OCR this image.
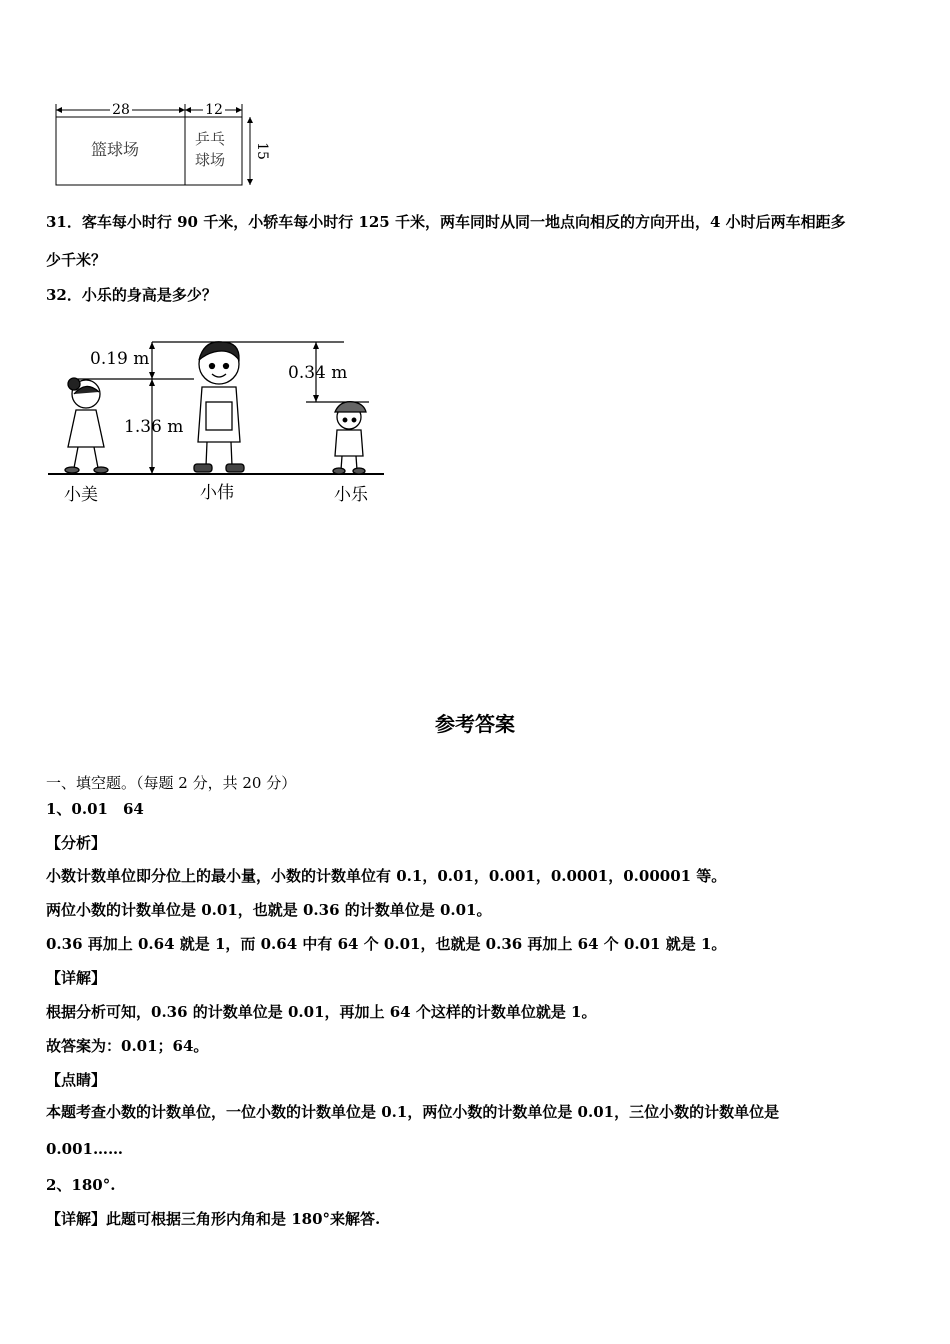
28	12
篮球场
乒乓
球场 15
31．客车每小时行 90 千米，小轿车每小时行 125 千米，两车同时从同一地点向相反的方向开出，4 小时后两车相距多
少千米？
32．小乐的身高是多少？
0.19 m
1.36 m
0.34 m
小美	小伟	小乐
参考答案
一、填空题。（每题 2 分，共 20 分）
1、0.01　64
【分析】
小数计数单位即分位上的最小量，小数的计数单位有 0.1，0.01，0.001，0.0001，0.00001 等。
两位小数的计数单位是 0.01，也就是 0.36 的计数单位是 0.01。
0.36 再加上 0.64 就是 1，而 0.64 中有 64 个 0.01，也就是 0.36 再加上 64 个 0.01 就是 1。
【详解】
根据分析可知，0.36 的计数单位是 0.01，再加上 64 个这样的计数单位就是 1。
故答案为：0.01；64。
【点睛】
本题考查小数的计数单位，一位小数的计数单位是 0.1，两位小数的计数单位是 0.01，三位小数的计数单位是
0.001……
2、180°.
【详解】此题可根据三角形内角和是 180°来解答.
